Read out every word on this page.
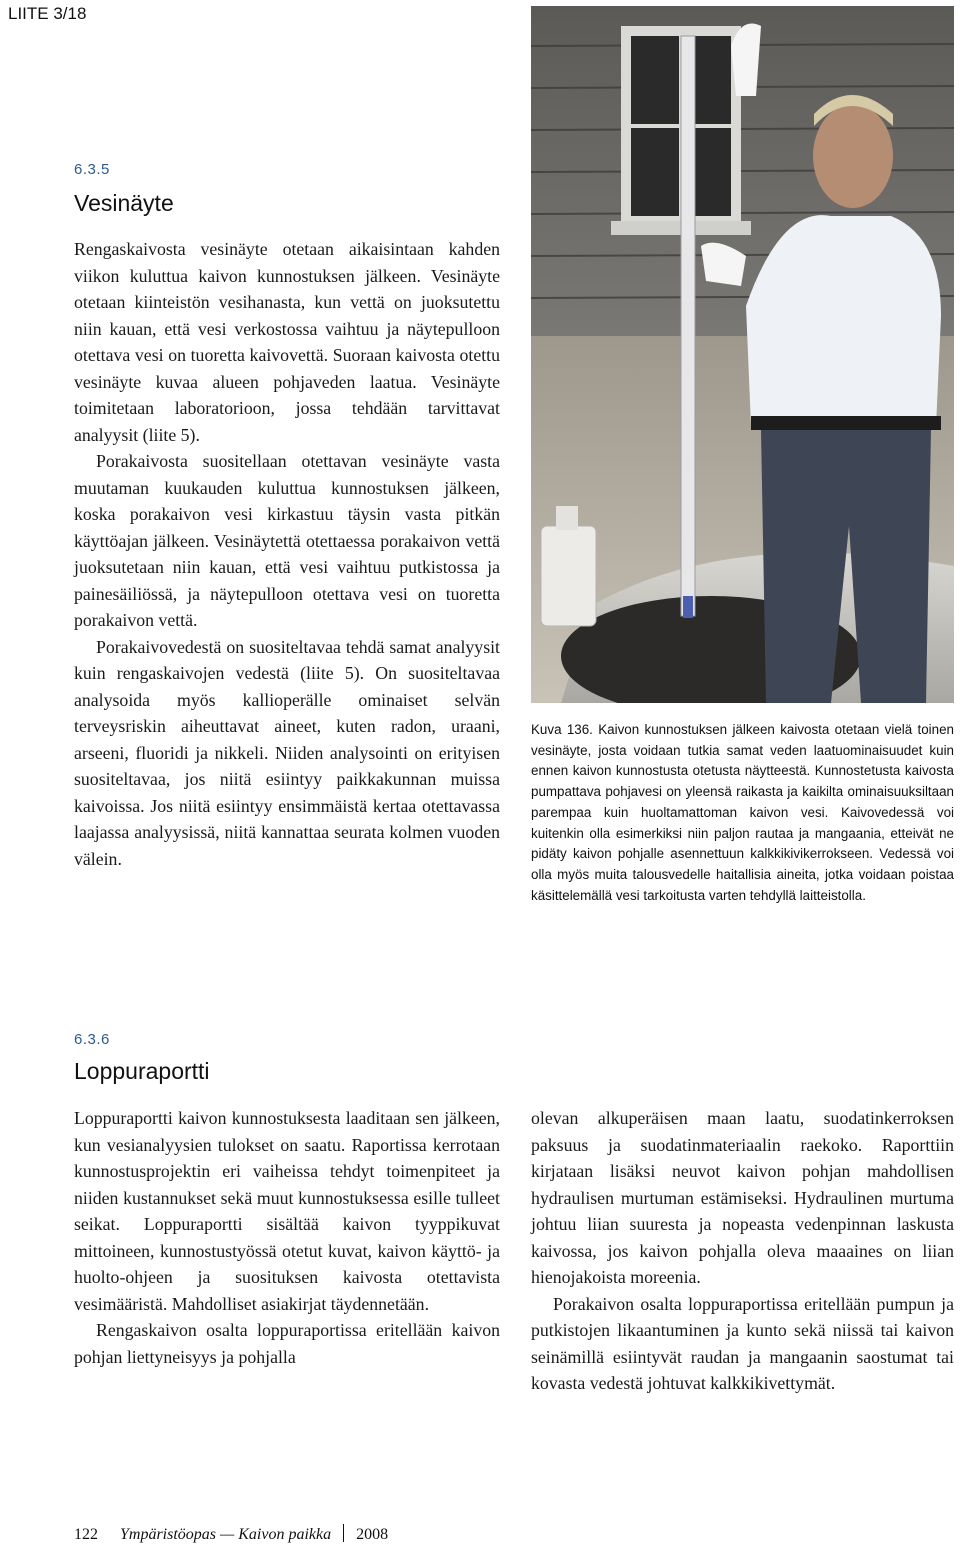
LIITE 3/18
6.3.5
Vesinäyte

Rengaskaivosta vesinäyte otetaan aikaisintaan kahden viikon kuluttua kaivon kunnostuksen jälkeen. Vesinäyte otetaan kiinteistön vesihanasta, kun vettä on juoksutettu niin kauan, että vesi verkostossa vaihtuu ja näytepulloon otettava vesi on tuoretta kaivovettä. Suoraan kaivosta otettu vesinäyte kuvaa alueen pohjaveden laatua. Vesinäyte toimitetaan laboratorioon, jossa tehdään tarvittavat analyysit (liite 5).

Porakaivosta suositellaan otettavan vesinäyte vasta muutaman kuukauden kuluttua kunnostuksen jälkeen, koska porakaivon vesi kirkastuu täysin vasta pitkän käyttöajan jälkeen. Vesinäytettä otettaessa porakaivon vettä juoksutetaan niin kauan, että vesi vaihtuu putkistossa ja painesäiliössä, ja näytepulloon otettava vesi on tuoretta porakaivon vettä.

Porakaivovedestä on suositeltavaa tehdä samat analyysit kuin rengaskaivojen vedestä (liite 5). On suositeltavaa analysoida myös kallioperälle ominaiset selvän terveysriskin aiheuttavat aineet, kuten radon, uraani, arseeni, fluoridi ja nikkeli. Niiden analysointi on erityisen suositeltavaa, jos niitä esiintyy paikkakunnan muissa kaivoissa. Jos niitä esiintyy ensimmäistä kertaa otettavassa laajassa analyysissä, niitä kannattaa seurata kolmen vuoden välein.

Kuva 136. Kaivon kunnostuksen jälkeen kaivosta otetaan vielä toinen vesinäyte, josta voidaan tutkia samat veden laatuominaisuudet kuin ennen kaivon kunnostusta otetusta näytteestä. Kunnostetusta kaivosta pumpattava pohjavesi on yleensä raikasta ja kaikilta ominaisuuksiltaan parempaa kuin huoltamattoman kaivon vesi. Kaivovedessä voi kuitenkin olla esimerkiksi niin paljon rautaa ja mangaania, etteivät ne pidäty kaivon pohjalle asennettuun kalkkikivikerrokseen. Vedessä voi olla myös muita talousvedelle haitallisia aineita, jotka voidaan poistaa käsittelemällä vesi tarkoitusta varten tehdyllä laitteistolla.
6.3.6
Loppuraportti

Loppuraportti kaivon kunnostuksesta laaditaan sen jälkeen, kun vesianalyysien tulokset on saatu. Raportissa kerrotaan kunnostusprojektin eri vaiheissa tehdyt toimenpiteet ja niiden kustannukset sekä muut kunnostuksessa esille tulleet seikat. Loppuraportti sisältää kaivon tyyppikuvat mittoineen, kunnostustyössä otetut kuvat, kaivon käyttö- ja huolto-ohjeen ja suosituksen kaivosta otettavista vesimääristä. Mahdolliset asiakirjat täydennetään.

Rengaskaivon osalta loppuraportissa eritellään kaivon pohjan liettyneisyys ja pohjalla

olevan alkuperäisen maan laatu, suodatinkerroksen paksuus ja suodatinmateriaalin raekoko. Raporttiin kirjataan lisäksi neuvot kaivon pohjan mahdollisen hydraulisen murtuman estämiseksi. Hydraulinen murtuma johtuu liian suuresta ja nopeasta vedenpinnan laskusta kaivossa, jos kaivon pohjalla oleva maaaines on liian hienojakoista moreenia.

Porakaivon osalta loppuraportissa eritellään pumpun ja putkistojen likaantuminen ja kunto sekä niissä tai kaivon seinämillä esiintyvät raudan ja mangaanin saostumat tai kovasta vedestä johtuvat kalkkikivettymät.

122 Ympäristöopas — Kaivon paikka 2008
